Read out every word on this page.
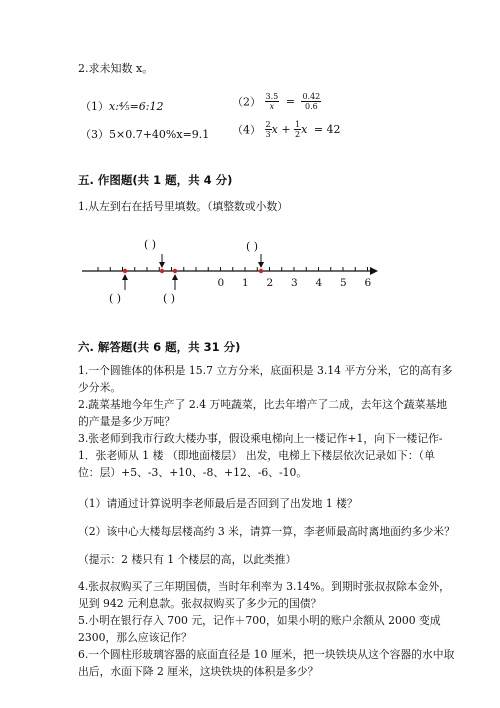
2.求未知数 x。
（1）x:⁴⁄₅=6:12	$(2) \frac{3.5}{x} = \frac{0.42}{0.6}$
（3）5×0.7+40%x=9.1 $(4) \frac{2}{3}$ $x + \frac{1}{2}$ x = 42
五. 作图题(共 1 题，共 4 分)
1.从左到右在括号里填数。（填整数或小数）
( )	( )
( )	( )
0 1 2 3 4 5 6
六. 解答题(共 6 题，共 31 分)
1.一个圆锥体的体积是 15.7 立方分米，底面积是 3.14 平方分米，它的高有多
少分米。
2.蔬菜基地今年生产了 2.4 万吨蔬菜，比去年增产了二成，去年这个蔬菜基地
的产量是多少万吨？
3.张老师到我市行政大楼办事，假设乘电梯向上一楼记作+1，向下一楼记作-
1．张老师从 1 楼 （即地面楼层） 出发，电梯上下楼层依次记录如下：（单
位：层）+5、-3、+10、-8、+12、-6、-10。
（1）请通过计算说明李老师最后是否回到了出发地 1 楼？
（2）该中心大楼每层楼高约 3 米，请算一算，李老师最高时离地面约多少米？
（提示：2 楼只有 1 个楼层的高，以此类推）
4.张叔叔购买了三年期国债，当时年利率为 3.14%。到期时张叔叔除本金外，
见到 942 元利息款。张叔叔购买了多少元的国债？
5.小明在银行存入 700 元，记作＋700，如果小明的账户余额从 2000 变成
2300，那么应该记作？
6.一个圆柱形玻璃容器的底面直径是 10 厘米，把一块铁块从这个容器的水中取
出后，水面下降 2 厘米，这块铁块的体积是多少？
